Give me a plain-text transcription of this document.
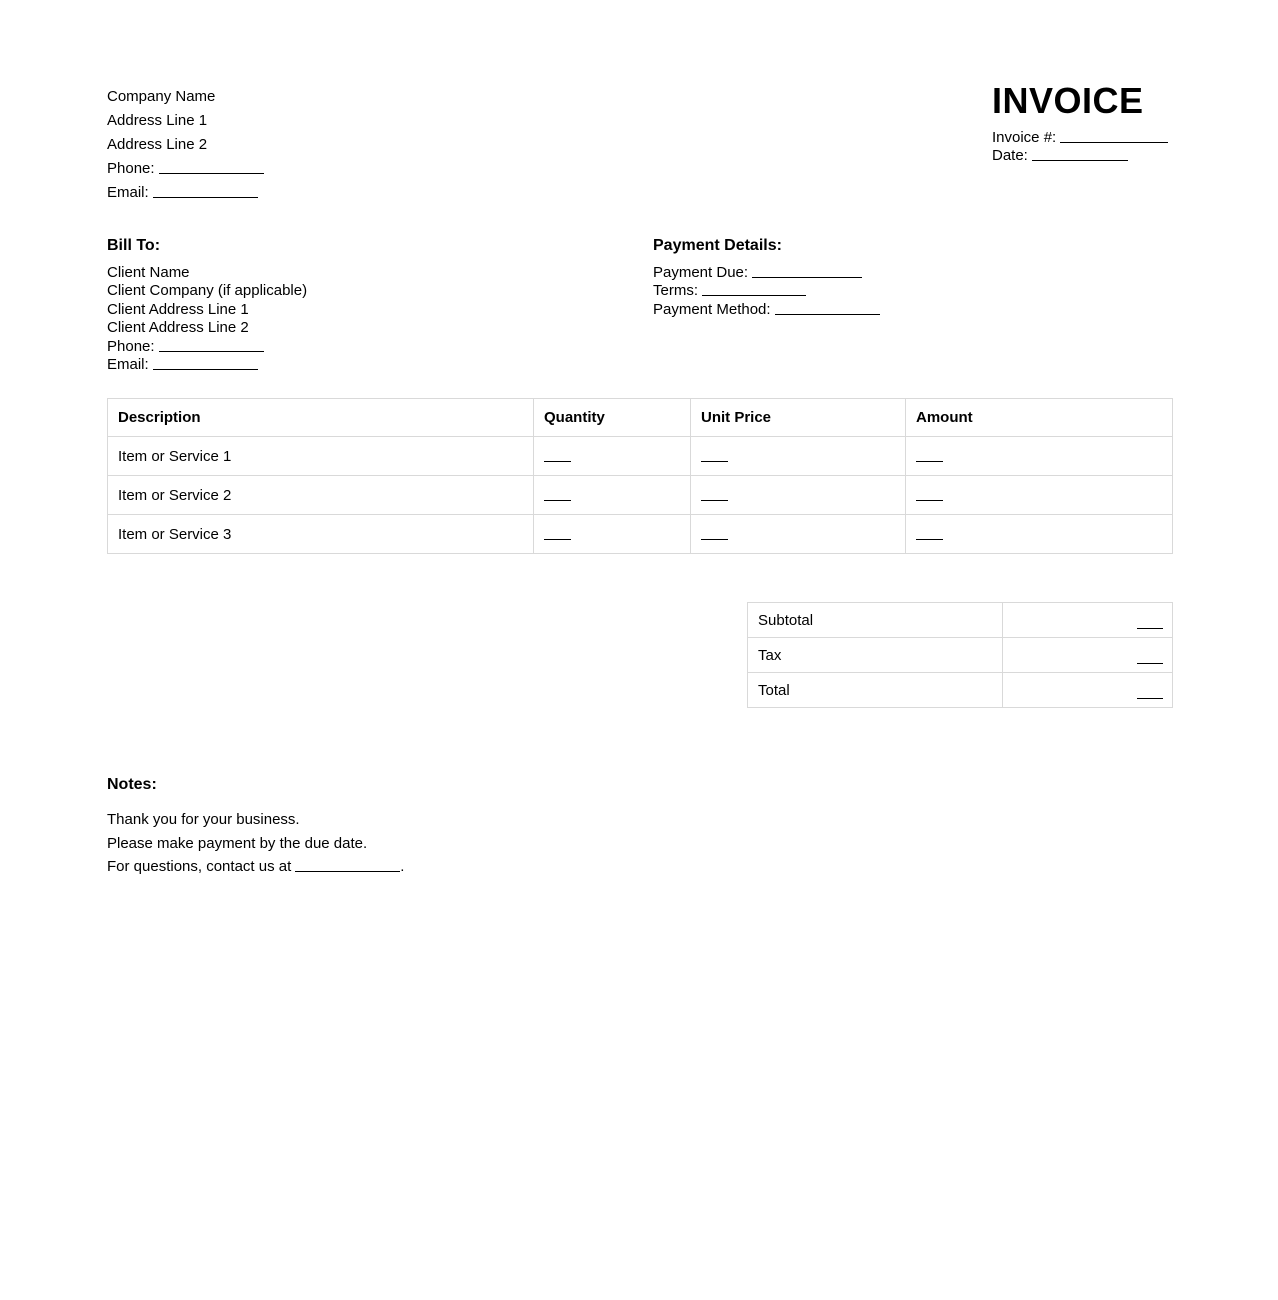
Company Name
Address Line 1
Address Line 2
Phone:
Email:
INVOICE
Invoice #:
Date:
Bill To:
Client Name
Client Company (if applicable)
Client Address Line 1
Client Address Line 2
Phone:
Email:
Payment Details:
Payment Due:
Terms:
Payment Method:
Description	Quantity	Unit Price	Amount
Item or Service 1			
Item or Service 2			
Item or Service 3			
Subtotal	
Tax	
Total	
Notes:
Thank you for your business.
Please make payment by the due date.
For questions, contact us at	.
